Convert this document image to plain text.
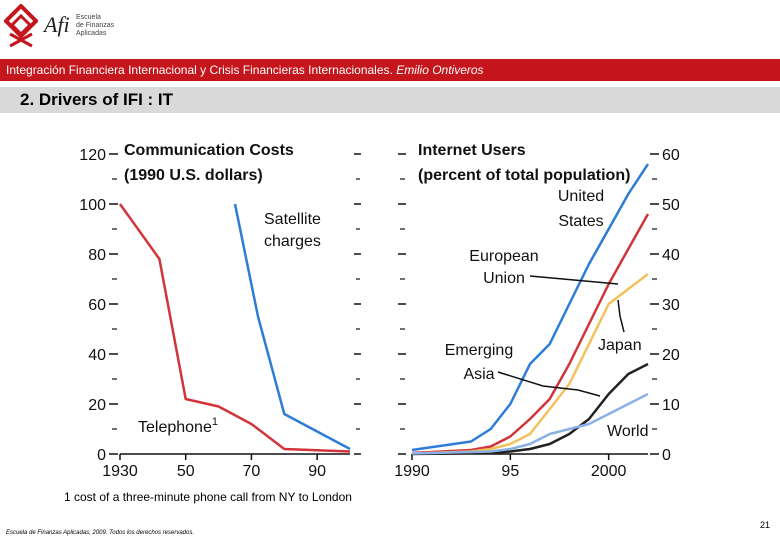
Afi Escuela
de Finanzas
Aplicadas
Integración Financiera Internacional y Crisis Financieras Internacionales. Emilio Ontiveros
2. Drivers of IFI : IT
Communication Costs
(1990 U.S. dollars)
0
20
40
60
80
100
120
1930 50	70	90
Telephone$^1$
Satellite
charges
Internet Users
(percent of total population)
0
10
20
30
40
50
60
1990	95	2000
United
States
European
Union
Japan
Emerging
Asia
World
1 cost of a three-minute phone call from NY to London
Escuela de Finanzas Aplicadas, 2009. Todos los derechos reservados.
21
